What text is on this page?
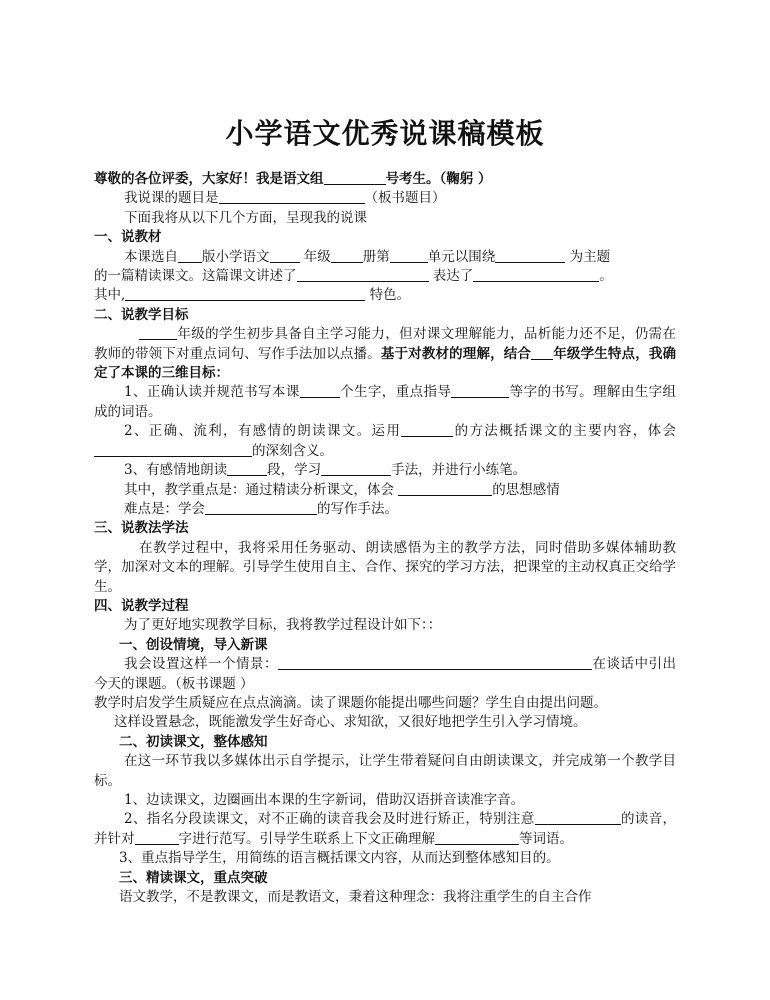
小学语文优秀说课稿模板

尊敬的各位评委，大家好！我是语文组	号考生。（鞠躬 ）

我说课的题目是	（板书题目）

下面我将从以下几个方面，呈现我的说课

一、说教材

本课选自 版小学语文 年级 册第	单元以围绕	为主题
的一篇精读课文。这篇课文讲述了	表达了	。
其中,	特色。

二、说教学目标

年级的学生初步具备自主学习能力，但对课文理解能力，品析能力还不足，仍需在教师的带领下对重点词句、写作手法加以点播。基于对教材的理解，结合 年级学生特点，我确定了本课的三维目标：

1、正确认读并规范书写本课	个生字，重点指导	等字的书写。理解由生字组成的词语。

2、正确、流利，有感情的朗读课文。运用	的方法概括课文的主要内容，体会的深刻含义。

3、有感情地朗读	段，学习	手法，并进行小练笔。

其中，教学重点是：通过精读分析课文，体会	的思想感情

难点是：学会	的写作手法。

三、说教法学法

在教学过程中，我将采用任务驱动、朗读感悟为主的教学方法，同时借助多媒体辅助教学，加深对文本的理解。引导学生使用自主、合作、探究的学习方法，把课堂的主动权真正交给学生。

四、说教学过程

为了更好地实现教学目标，我将教学过程设计如下：：

一、创设情境，导入新课

我会设置这样一个情景：	在谈话中引出今天的课题。（板书课题 ）

教学时启发学生质疑应在点点滴滴。读了课题你能提出哪些问题？学生自由提出问题。

这样设置悬念，既能激发学生好奇心、求知欲，又很好地把学生引入学习情境。

二、初读课文，整体感知

在这一环节我以多媒体出示自学提示，让学生带着疑问自由朗读课文，并完成第一个教学目标。

1、边读课文，边圈画出本课的生字新词，借助汉语拼音读准字音。

2、指名分段读课文，对不正确的读音我会及时进行矫正，特别注意	的读音，并针对	字进行范写。引导学生联系上下文正确理解	等词语。

3、重点指导学生，用简练的语言概括课文内容，从而达到整体感知目的。

三、精读课文，重点突破

语文教学，不是教课文，而是教语文，秉着这种理念：我将注重学生的自主合作
